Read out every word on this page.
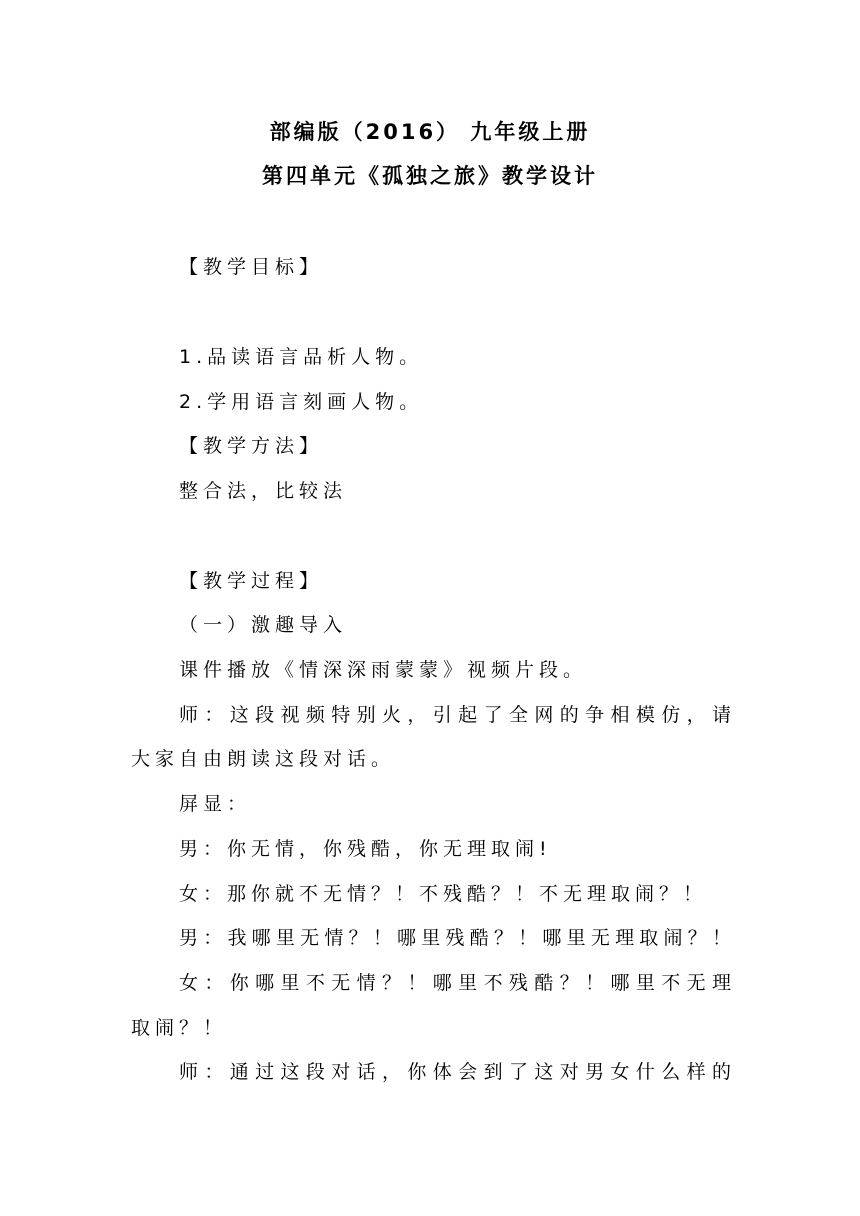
部编版（2016） 九年级上册
第四单元《孤独之旅》教学设计
【教学目标】
1.品读语言品析人物。
2.学用语言刻画人物。
【教学方法】
整合法，比较法
【教学过程】
（一）激趣导入
课件播放《情深深雨蒙蒙》视频片段。
师：这段视频特别火，引起了全网的争相模仿，请
大家自由朗读这段对话。
屏显：
男：你无情，你残酷，你无理取闹!
女：那你就不无情？！不残酷？！不无理取闹？！
男：我哪里无情？！哪里残酷？！哪里无理取闹？！
女：你哪里不无情？！哪里不残酷？！哪里不无理
取闹？！
师：通过这段对话，你体会到了这对男女什么样的
